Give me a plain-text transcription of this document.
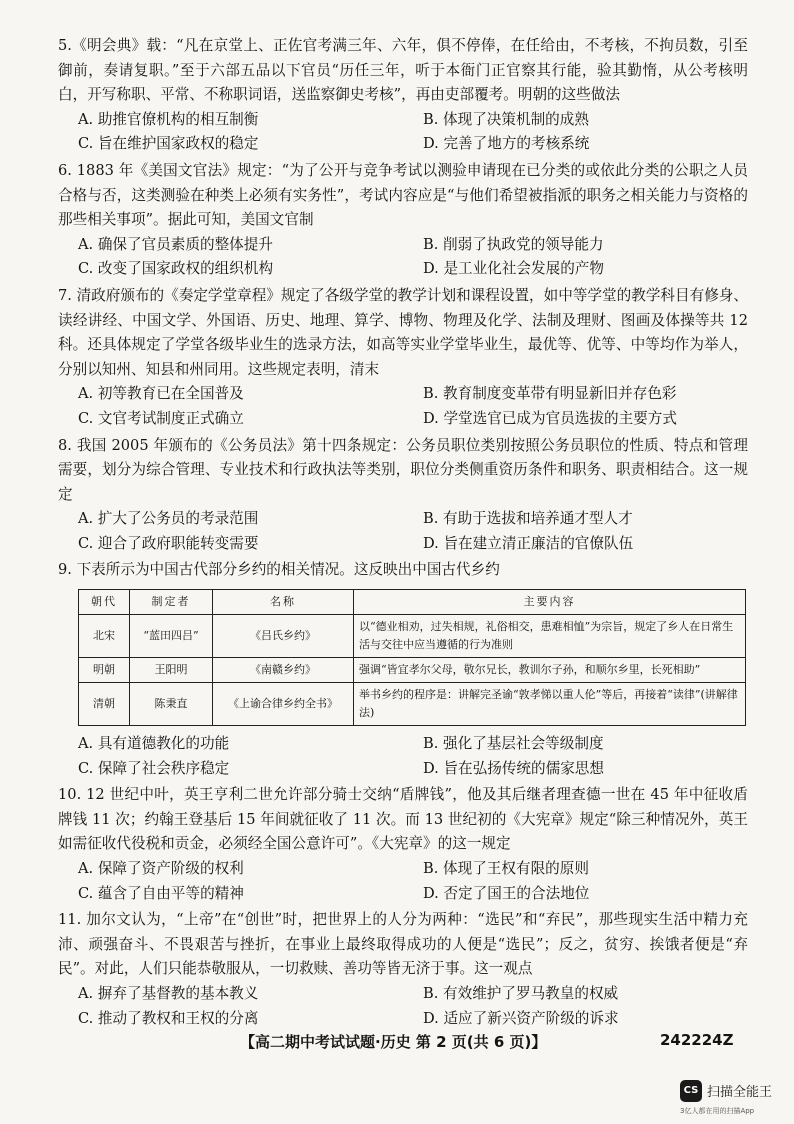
5.《明会典》载：“凡在京堂上、正佐官考满三年、六年，俱不停俸，在任给由，不考核，不拘员数，引至御前，奏请复职。”至于六部五品以下官员“历任三年，听于本衙门正官察其行能，验其勤惰，从公考核明白，开写称职、平常、不称职词语，送监察御史考核”，再由吏部覆考。明朝的这些做法

A. 助推官僚机构的相互制衡	B. 体现了决策机制的成熟
C. 旨在维护国家政权的稳定	D. 完善了地方的考核系统

6. 1883 年《美国文官法》规定：“为了公开与竞争考试以测验申请现在已分类的或依此分类的公职之人员合格与否，这类测验在种类上必须有实务性”，考试内容应是“与他们希望被指派的职务之相关能力与资格的那些相关事项”。据此可知，美国文官制

A. 确保了官员素质的整体提升	B. 削弱了执政党的领导能力
C. 改变了国家政权的组织机构	D. 是工业化社会发展的产物

7. 清政府颁布的《奏定学堂章程》规定了各级学堂的教学计划和课程设置，如中等学堂的教学科目有修身、读经讲经、中国文学、外国语、历史、地理、算学、博物、物理及化学、法制及理财、图画及体操等共 12 科。还具体规定了学堂各级毕业生的选录方法，如高等实业学堂毕业生，最优等、优等、中等均作为举人，分别以知州、知县和州同用。这些规定表明，清末

A. 初等教育已在全国普及	B. 教育制度变革带有明显新旧并存色彩
C. 文官考试制度正式确立	D. 学堂选官已成为官员选拔的主要方式

8. 我国 2005 年颁布的《公务员法》第十四条规定：公务员职位类别按照公务员职位的性质、特点和管理需要，划分为综合管理、专业技术和行政执法等类别，职位分类侧重资历条件和职务、职责相结合。这一规定

A. 扩大了公务员的考录范围	B. 有助于选拔和培养通才型人才
C. 迎合了政府职能转变需要	D. 旨在建立清正廉洁的官僚队伍

9. 下表所示为中国古代部分乡约的相关情况。这反映出中国古代乡约

朝代	制定者	名称	主要内容
北宋	“蓝田四吕”	《吕氏乡约》	以“德业相劝，过失相规，礼俗相交，患难相恤”为宗旨，规定了乡人在日常生活与交往中应当遵循的行为准则
明朝	王阳明	《南赣乡约》	强调“皆宜孝尔父母，敬尔兄长，教训尔子孙，和顺尔乡里，长死相助”
清朝	陈秉直	《上谕合律乡约全书》	举书乡约的程序是：讲解完圣谕“敦孝悌以重人伦”等后，再接着“读律”(讲解律法)
A. 具有道德教化的功能	B. 强化了基层社会等级制度
C. 保障了社会秩序稳定	D. 旨在弘扬传统的儒家思想

10. 12 世纪中叶，英王亨利二世允许部分骑士交纳“盾牌钱”，他及其后继者理查德一世在 45 年中征收盾牌钱 11 次；约翰王登基后 15 年间就征收了 11 次。而 13 世纪初的《大宪章》规定“除三种情况外，英王如需征收代役税和贡金，必须经全国公意许可”。《大宪章》的这一规定

A. 保障了资产阶级的权利	B. 体现了王权有限的原则
C. 蕴含了自由平等的精神	D. 否定了国王的合法地位

11. 加尔文认为，“上帝”在“创世”时，把世界上的人分为两种：“选民”和“弃民”，那些现实生活中精力充沛、顽强奋斗、不畏艰苦与挫折，在事业上最终取得成功的人便是“选民”；反之，贫穷、挨饿者便是“弃民”。对此，人们只能恭敬服从，一切救赎、善功等皆无济于事。这一观点

A. 摒弃了基督教的基本教义	B. 有效维护了罗马教皇的权威
C. 推动了教权和王权的分离	D. 适应了新兴资产阶级的诉求
【高二期中考试试题·历史 第 2 页(共 6 页)】	242224Z
CS 扫描全能王
3亿人都在用的扫描App
